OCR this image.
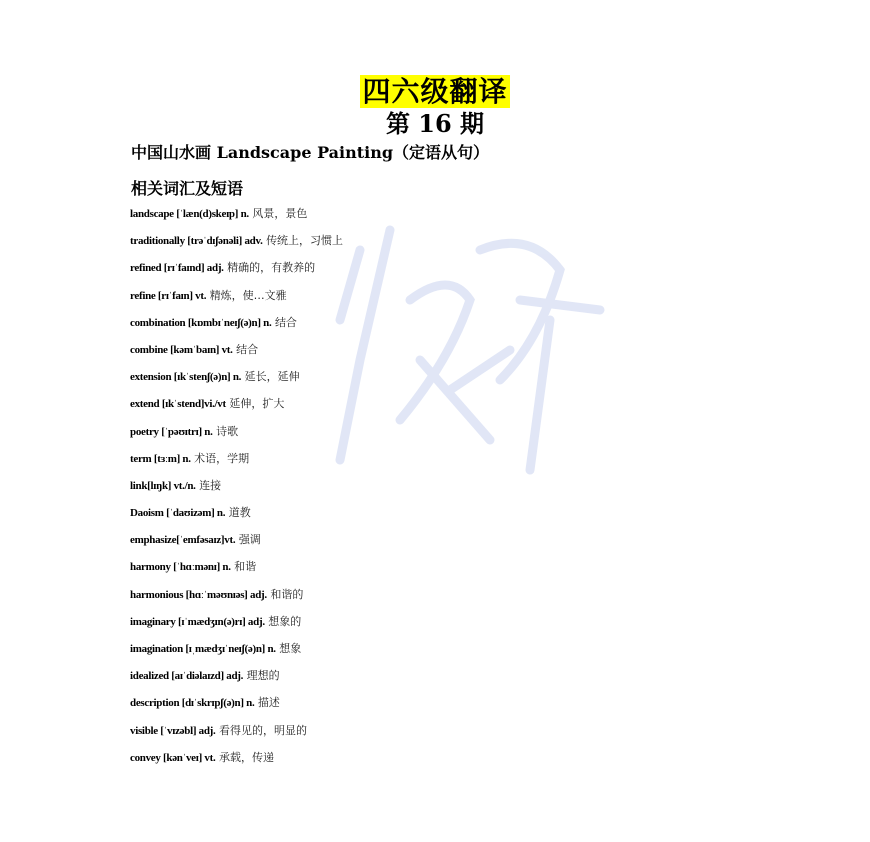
四六级翻译
第 16 期
中国山水画 Landscape Painting（定语从句）
相关词汇及短语
landscape [ˈlæn(d)skeɪp] n. 风景，景色
traditionally [trəˈdɪʃənəli] adv. 传统上，习惯上
refined [rɪˈfaɪnd] adj. 精确的，有教养的
refine [rɪˈfaɪn] vt. 精炼，使…文雅
combination [kɒmbɪˈneɪʃ(ə)n] n. 结合
combine [kəmˈbaɪn] vt. 结合
extension [ɪkˈstenʃ(ə)n] n. 延长，延伸
extend [ɪkˈstend]vi./vt 延伸，扩大
poetry [ˈpəʊɪtrɪ] n. 诗歌
term [tɜːm] n. 术语，学期
link[lɪŋk] vt./n. 连接
Daoism [ˈdaʊizəm] n. 道教
emphasize[ˈemfəsaɪz]vt. 强调
harmony [ˈhɑːmənɪ] n. 和谐
harmonious [hɑːˈməʊnɪəs] adj. 和谐的
imaginary [ɪˈmædʒɪn(ə)rɪ] adj. 想象的
imagination [ɪˌmædʒɪˈneɪʃ(ə)n] n. 想象
idealized [aɪˈdiəlaɪzd] adj. 理想的
description [dɪˈskrɪpʃ(ə)n] n. 描述
visible [ˈvɪzəbl] adj. 看得见的，明显的
convey [kənˈveɪ] vt. 承载，传递
